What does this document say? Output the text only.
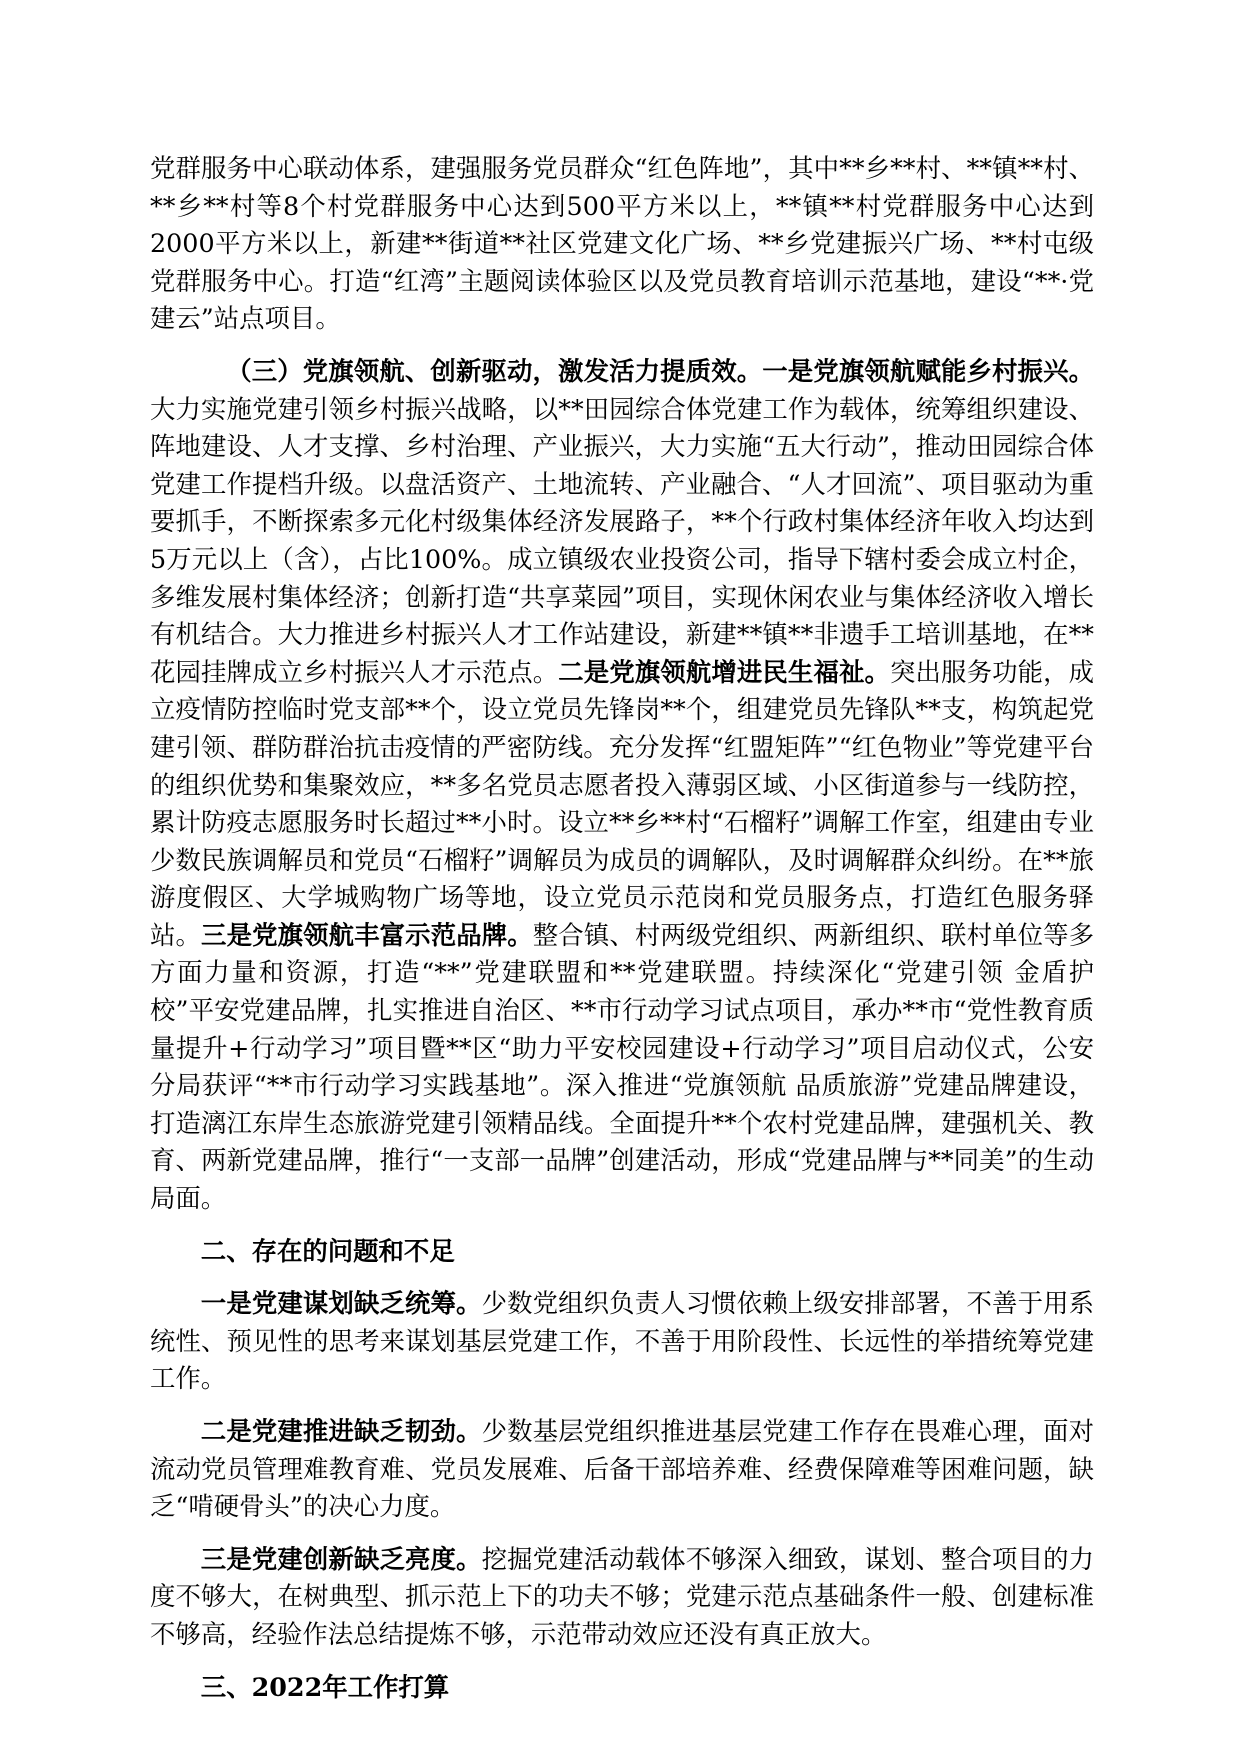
党群服务中心联动体系，建强服务党员群众“红色阵地”，其中**乡**村、**镇**村、**乡**村等8个村党群服务中心达到500平方米以上，**镇**村党群服务中心达到2000平方米以上，新建**街道**社区党建文化广场、**乡党建振兴广场、**村屯级党群服务中心。打造“红湾”主题阅读体验区以及党员教育培训示范基地，建设“**·党建云”站点项目。

（三）党旗领航、创新驱动，激发活力提质效。一是党旗领航赋能乡村振兴。大力实施党建引领乡村振兴战略，以**田园综合体党建工作为载体，统筹组织建设、阵地建设、人才支撑、乡村治理、产业振兴，大力实施“五大行动”，推动田园综合体党建工作提档升级。以盘活资产、土地流转、产业融合、“人才回流”、项目驱动为重要抓手，不断探索多元化村级集体经济发展路子，**个行政村集体经济年收入均达到5万元以上（含），占比100%。成立镇级农业投资公司，指导下辖村委会成立村企，多维发展村集体经济；创新打造“共享菜园”项目，实现休闲农业与集体经济收入增长有机结合。大力推进乡村振兴人才工作站建设，新建**镇**非遗手工培训基地，在**花园挂牌成立乡村振兴人才示范点。二是党旗领航增进民生福祉。突出服务功能，成立疫情防控临时党支部**个，设立党员先锋岗**个，组建党员先锋队**支，构筑起党建引领、群防群治抗击疫情的严密防线。充分发挥“红盟矩阵”“红色物业”等党建平台的组织优势和集聚效应，**多名党员志愿者投入薄弱区域、小区街道参与一线防控，累计防疫志愿服务时长超过**小时。设立**乡**村“石榴籽”调解工作室，组建由专业少数民族调解员和党员“石榴籽”调解员为成员的调解队，及时调解群众纠纷。在**旅游度假区、大学城购物广场等地，设立党员示范岗和党员服务点，打造红色服务驿站。三是党旗领航丰富示范品牌。整合镇、村两级党组织、两新组织、联村单位等多方面力量和资源，打造“**”党建联盟和**党建联盟。持续深化“党建引领 金盾护校”平安党建品牌，扎实推进自治区、**市行动学习试点项目，承办**市“党性教育质量提升+行动学习”项目暨**区“助力平安校园建设+行动学习”项目启动仪式，公安分局获评“**市行动学习实践基地”。深入推进“党旗领航 品质旅游”党建品牌建设，打造漓江东岸生态旅游党建引领精品线。全面提升**个农村党建品牌，建强机关、教育、两新党建品牌，推行“一支部一品牌”创建活动，形成“党建品牌与**同美”的生动局面。

二、存在的问题和不足

一是党建谋划缺乏统筹。少数党组织负责人习惯依赖上级安排部署，不善于用系统性、预见性的思考来谋划基层党建工作，不善于用阶段性、长远性的举措统筹党建工作。

二是党建推进缺乏韧劲。少数基层党组织推进基层党建工作存在畏难心理，面对流动党员管理难教育难、党员发展难、后备干部培养难、经费保障难等困难问题，缺乏“啃硬骨头”的决心力度。

三是党建创新缺乏亮度。挖掘党建活动载体不够深入细致，谋划、整合项目的力度不够大，在树典型、抓示范上下的功夫不够；党建示范点基础条件一般、创建标准不够高，经验作法总结提炼不够，示范带动效应还没有真正放大。

三、2022年工作打算
